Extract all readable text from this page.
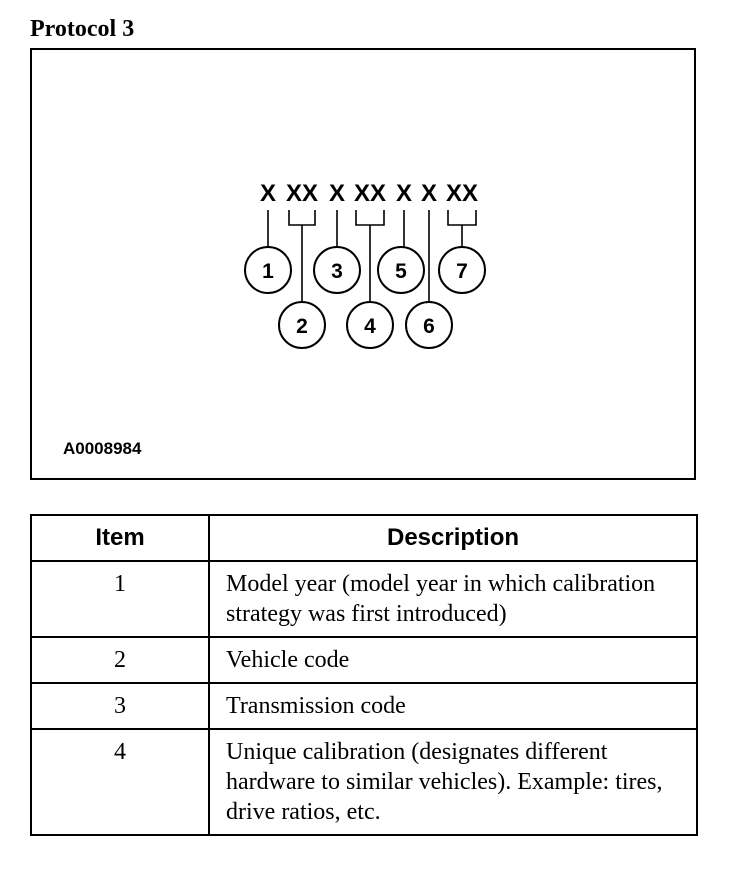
Protocol 3
X XX X XX X X XX
1
2
3
4
5
6
7
A0008984
Item	Description
1	Model year (model year in which calibration strategy was first introduced)
2	Vehicle code
3	Transmission code
4	Unique calibration (designates different hardware to similar vehicles). Example: tires, drive ratios, etc.
